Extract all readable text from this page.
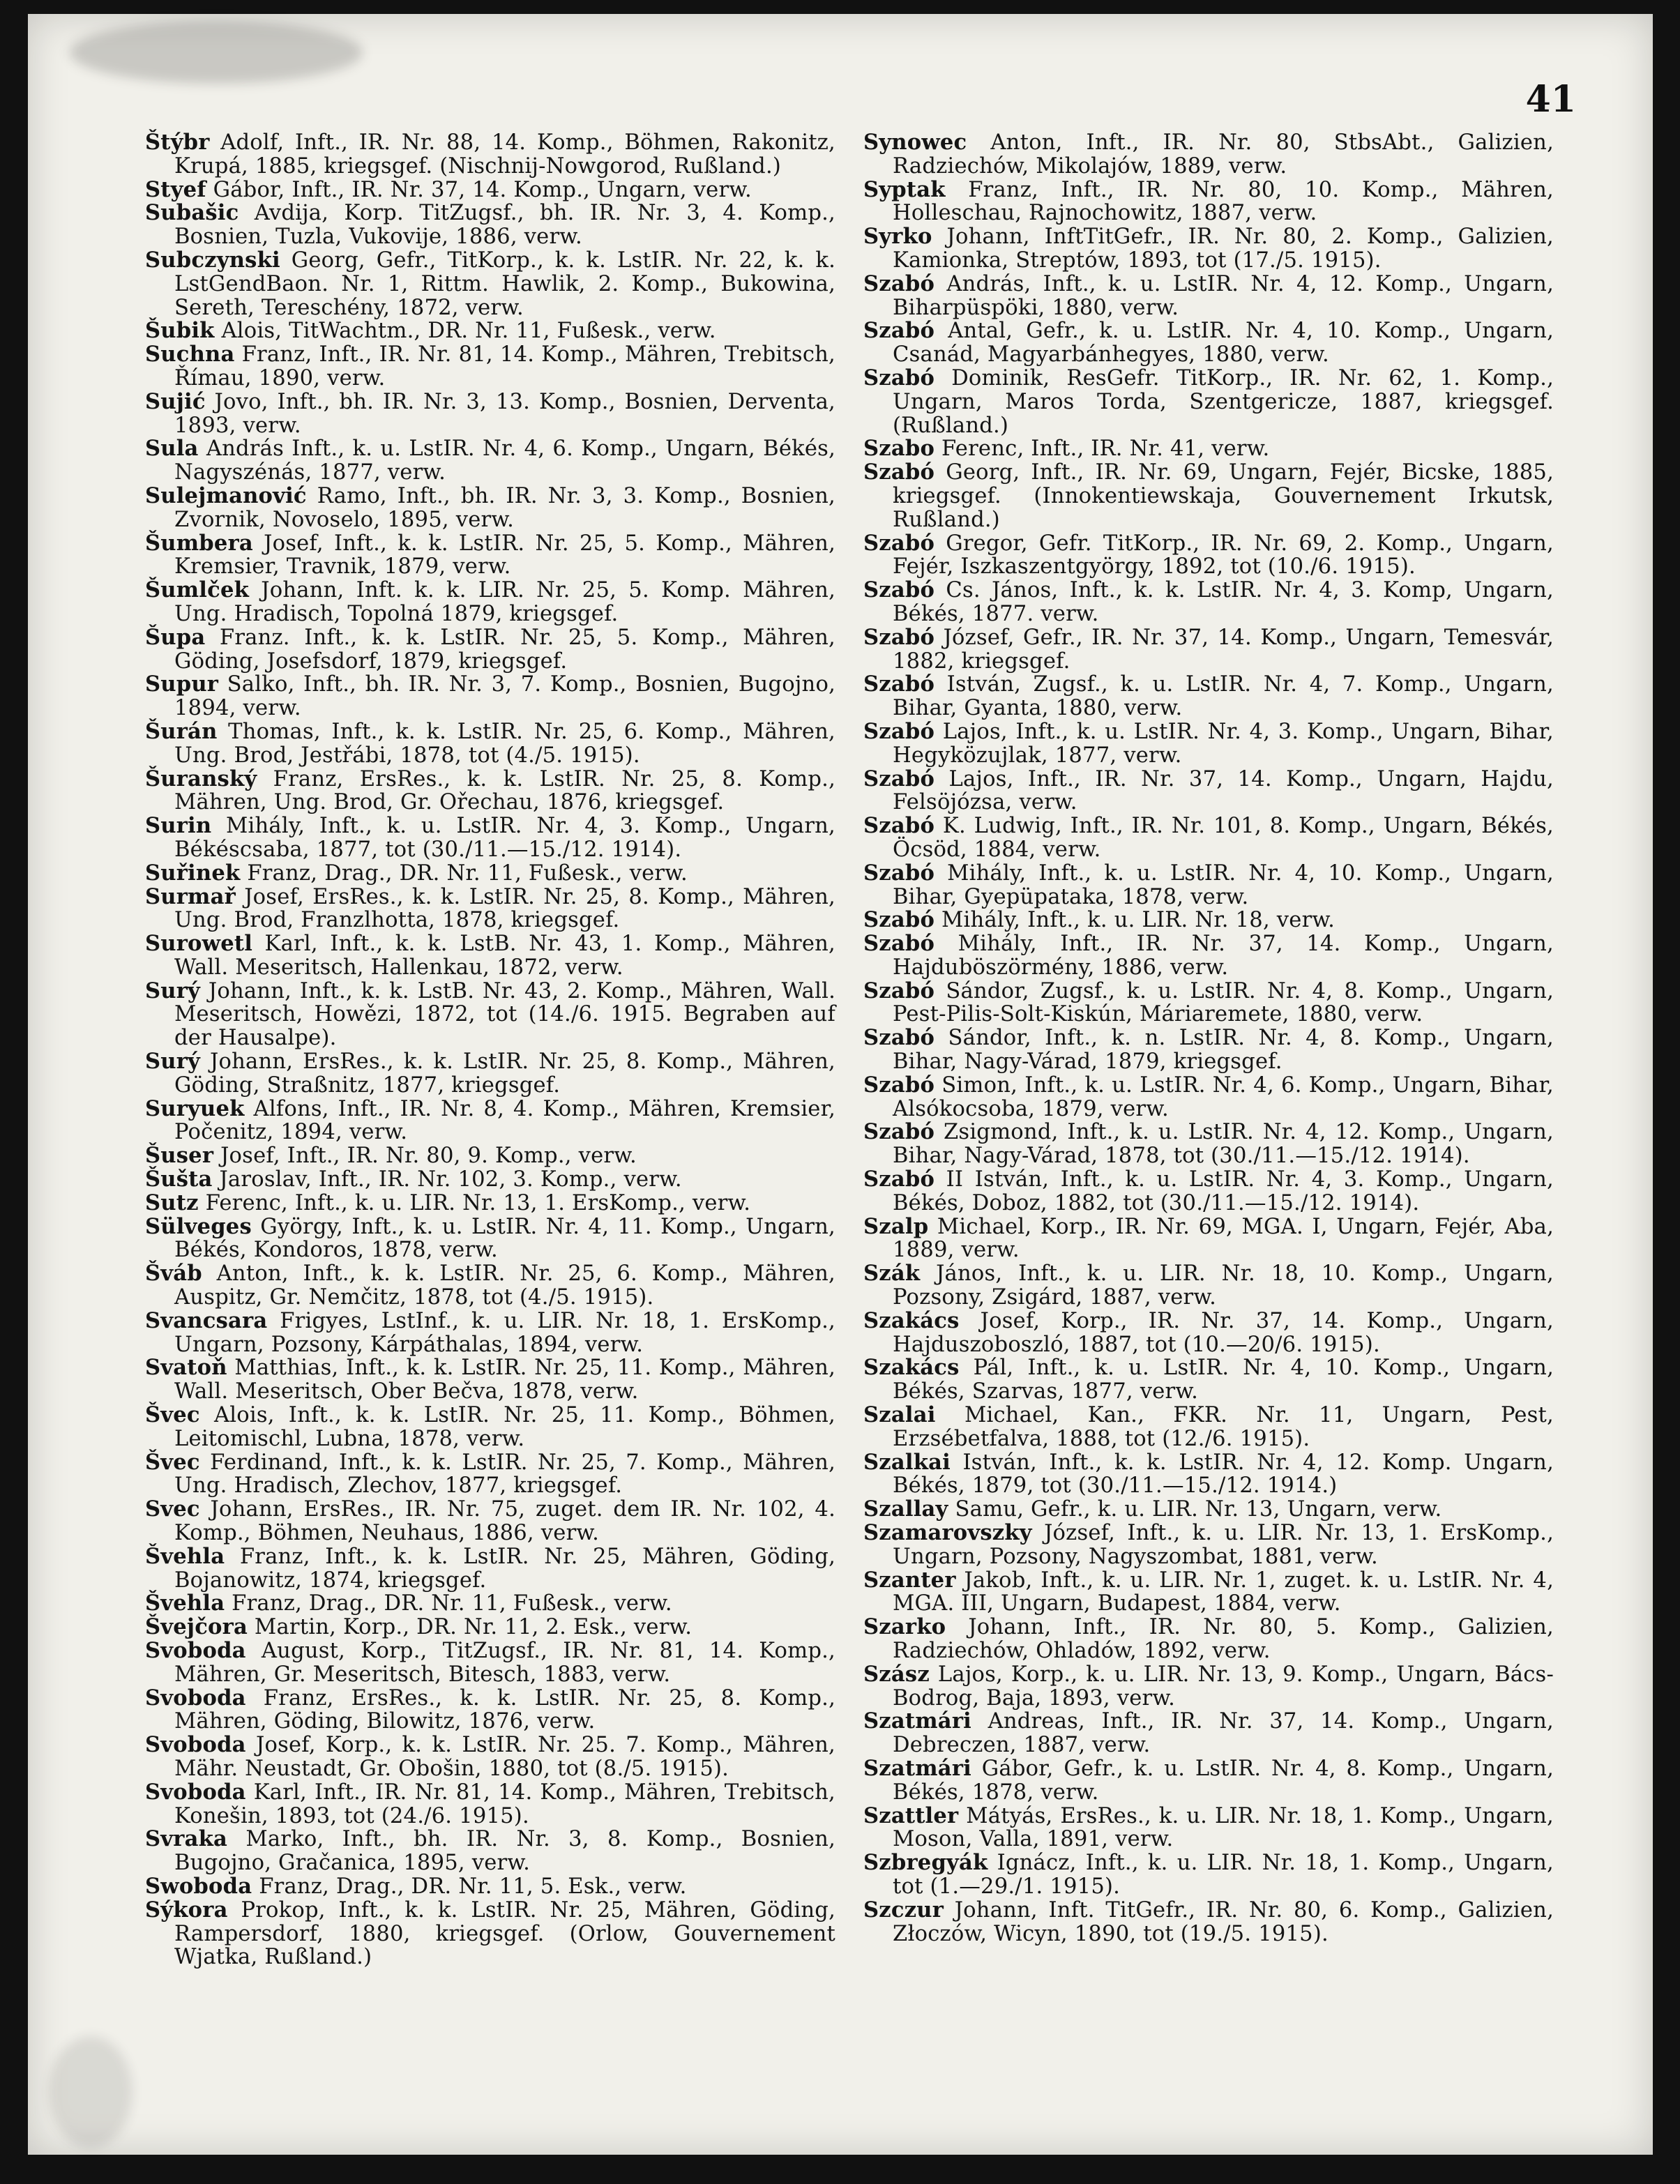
41
Štýbr Adolf, Inft., IR. Nr. 88, 14. Komp., Böhmen, Rakonitz, Krupá, 1885, kriegsgef. (Nischnij-Nowgorod, Rußland.)
Styef Gábor, Inft., IR. Nr. 37, 14. Komp., Ungarn, verw.
Subašic Avdija, Korp. TitZugsf., bh. IR. Nr. 3, 4. Komp., Bosnien, Tuzla, Vukovije, 1886, verw.
Subczynski Georg, Gefr., TitKorp., k. k. LstIR. Nr. 22, k. k. LstGendBaon. Nr. 1, Rittm. Hawlik, 2. Komp., Bukowina, Sereth, Tereschény, 1872, verw.
Šubik Alois, TitWachtm., DR. Nr. 11, Fußesk., verw.
Suchna Franz, Inft., IR. Nr. 81, 14. Komp., Mähren, Trebitsch, Římau, 1890, verw.
Sujić Jovo, Inft., bh. IR. Nr. 3, 13. Komp., Bosnien, Derventa, 1893, verw.
Sula András Inft., k. u. LstIR. Nr. 4, 6. Komp., Ungarn, Békés, Nagyszénás, 1877, verw.
Sulejmanović Ramo, Inft., bh. IR. Nr. 3, 3. Komp., Bosnien, Zvornik, Novoselo, 1895, verw.
Šumbera Josef, Inft., k. k. LstIR. Nr. 25, 5. Komp., Mähren, Kremsier, Travnik, 1879, verw.
Šumlček Johann, Inft. k. k. LIR. Nr. 25, 5. Komp. Mähren, Ung. Hradisch, Topolná 1879, kriegsgef.
Šupa Franz. Inft., k. k. LstIR. Nr. 25, 5. Komp., Mähren, Göding, Josefsdorf, 1879, kriegsgef.
Supur Salko, Inft., bh. IR. Nr. 3, 7. Komp., Bosnien, Bugojno, 1894, verw.
Šurán Thomas, Inft., k. k. LstIR. Nr. 25, 6. Komp., Mähren, Ung. Brod, Jestřábi, 1878, tot (4./5. 1915).
Šuranský Franz, ErsRes., k. k. LstIR. Nr. 25, 8. Komp., Mähren, Ung. Brod, Gr. Ořechau, 1876, kriegsgef.
Surin Mihály, Inft., k. u. LstIR. Nr. 4, 3. Komp., Ungarn, Békéscsaba, 1877, tot (30./11.—15./12. 1914).
Suřinek Franz, Drag., DR. Nr. 11, Fußesk., verw.
Surmař Josef, ErsRes., k. k. LstIR. Nr. 25, 8. Komp., Mähren, Ung. Brod, Franzlhotta, 1878, kriegsgef.
Surowetl Karl, Inft., k. k. LstB. Nr. 43, 1. Komp., Mähren, Wall. Meseritsch, Hallenkau, 1872, verw.
Surý Johann, Inft., k. k. LstB. Nr. 43, 2. Komp., Mähren, Wall. Meseritsch, Howězi, 1872, tot (14./6. 1915. Begraben auf der Hausalpe).
Surý Johann, ErsRes., k. k. LstIR. Nr. 25, 8. Komp., Mähren, Göding, Straßnitz, 1877, kriegsgef.
Suryuek Alfons, Inft., IR. Nr. 8, 4. Komp., Mähren, Kremsier, Počenitz, 1894, verw.
Šuser Josef, Inft., IR. Nr. 80, 9. Komp., verw.
Šušta Jaroslav, Inft., IR. Nr. 102, 3. Komp., verw.
Sutz Ferenc, Inft., k. u. LIR. Nr. 13, 1. ErsKomp., verw.
Sülveges György, Inft., k. u. LstIR. Nr. 4, 11. Komp., Ungarn, Békés, Kondoros, 1878, verw.
Šváb Anton, Inft., k. k. LstIR. Nr. 25, 6. Komp., Mähren, Auspitz, Gr. Nemčitz, 1878, tot (4./5. 1915).
Svancsara Frigyes, LstInf., k. u. LIR. Nr. 18, 1. ErsKomp., Ungarn, Pozsony, Kárpáthalas, 1894, verw.
Svatoň Matthias, Inft., k. k. LstIR. Nr. 25, 11. Komp., Mähren, Wall. Meseritsch, Ober Bečva, 1878, verw.
Švec Alois, Inft., k. k. LstIR. Nr. 25, 11. Komp., Böhmen, Leitomischl, Lubna, 1878, verw.
Švec Ferdinand, Inft., k. k. LstIR. Nr. 25, 7. Komp., Mähren, Ung. Hradisch, Zlechov, 1877, kriegsgef.
Svec Johann, ErsRes., IR. Nr. 75, zuget. dem IR. Nr. 102, 4. Komp., Böhmen, Neuhaus, 1886, verw.
Švehla Franz, Inft., k. k. LstIR. Nr. 25, Mähren, Göding, Bojanowitz, 1874, kriegsgef.
Švehla Franz, Drag., DR. Nr. 11, Fußesk., verw.
Švejčora Martin, Korp., DR. Nr. 11, 2. Esk., verw.
Svoboda August, Korp., TitZugsf., IR. Nr. 81, 14. Komp., Mähren, Gr. Meseritsch, Bitesch, 1883, verw.
Svoboda Franz, ErsRes., k. k. LstIR. Nr. 25, 8. Komp., Mähren, Göding, Bilowitz, 1876, verw.
Svoboda Josef, Korp., k. k. LstIR. Nr. 25. 7. Komp., Mähren, Mähr. Neustadt, Gr. Obošin, 1880, tot (8./5. 1915).
Svoboda Karl, Inft., IR. Nr. 81, 14. Komp., Mähren, Trebitsch, Konešin, 1893, tot (24./6. 1915).
Svraka Marko, Inft., bh. IR. Nr. 3, 8. Komp., Bosnien, Bugojno, Gračanica, 1895, verw.
Swoboda Franz, Drag., DR. Nr. 11, 5. Esk., verw.
Sýkora Prokop, Inft., k. k. LstIR. Nr. 25, Mähren, Göding, Rampersdorf, 1880, kriegsgef. (Orlow, Gouvernement Wjatka, Rußland.)
Synowec Anton, Inft., IR. Nr. 80, StbsAbt., Galizien, Radziechów, Mikolajów, 1889, verw.
Syptak Franz, Inft., IR. Nr. 80, 10. Komp., Mähren, Holleschau, Rajnochowitz, 1887, verw.
Syrko Johann, InftTitGefr., IR. Nr. 80, 2. Komp., Galizien, Kamionka, Streptów, 1893, tot (17./5. 1915).
Szabó András, Inft., k. u. LstIR. Nr. 4, 12. Komp., Ungarn, Biharpüspöki, 1880, verw.
Szabó Antal, Gefr., k. u. LstIR. Nr. 4, 10. Komp., Ungarn, Csanád, Magyarbánhegyes, 1880, verw.
Szabó Dominik, ResGefr. TitKorp., IR. Nr. 62, 1. Komp., Ungarn, Maros Torda, Szentgericze, 1887, kriegsgef. (Rußland.)
Szabo Ferenc, Inft., IR. Nr. 41, verw.
Szabó Georg, Inft., IR. Nr. 69, Ungarn, Fejér, Bicske, 1885, kriegsgef. (Innokentiewskaja, Gouvernement Irkutsk, Rußland.)
Szabó Gregor, Gefr. TitKorp., IR. Nr. 69, 2. Komp., Ungarn, Fejér, Iszkaszentgyörgy, 1892, tot (10./6. 1915).
Szabó Cs. János, Inft., k. k. LstIR. Nr. 4, 3. Komp, Ungarn, Békés, 1877. verw.
Szabó József, Gefr., IR. Nr. 37, 14. Komp., Ungarn, Temesvár, 1882, kriegsgef.
Szabó István, Zugsf., k. u. LstIR. Nr. 4, 7. Komp., Ungarn, Bihar, Gyanta, 1880, verw.
Szabó Lajos, Inft., k. u. LstIR. Nr. 4, 3. Komp., Ungarn, Bihar, Hegyközujlak, 1877, verw.
Szabó Lajos, Inft., IR. Nr. 37, 14. Komp., Ungarn, Hajdu, Felsöjózsa, verw.
Szabó K. Ludwig, Inft., IR. Nr. 101, 8. Komp., Ungarn, Békés, Öcsöd, 1884, verw.
Szabó Mihály, Inft., k. u. LstIR. Nr. 4, 10. Komp., Ungarn, Bihar, Gyepüpataka, 1878, verw.
Szabó Mihály, Inft., k. u. LIR. Nr. 18, verw.
Szabó Mihály, Inft., IR. Nr. 37, 14. Komp., Ungarn, Hajduböszörmény, 1886, verw.
Szabó Sándor, Zugsf., k. u. LstIR. Nr. 4, 8. Komp., Ungarn, Pest-Pilis-Solt-Kiskún, Máriaremete, 1880, verw.
Szabó Sándor, Inft., k. n. LstIR. Nr. 4, 8. Komp., Ungarn, Bihar, Nagy-Várad, 1879, kriegsgef.
Szabó Simon, Inft., k. u. LstIR. Nr. 4, 6. Komp., Ungarn, Bihar, Alsókocsoba, 1879, verw.
Szabó Zsigmond, Inft., k. u. LstIR. Nr. 4, 12. Komp., Ungarn, Bihar, Nagy-Várad, 1878, tot (30./11.—15./12. 1914).
Szabó II István, Inft., k. u. LstIR. Nr. 4, 3. Komp., Ungarn, Békés, Doboz, 1882, tot (30./11.—15./12. 1914).
Szalp Michael, Korp., IR. Nr. 69, MGA. I, Ungarn, Fejér, Aba, 1889, verw.
Szák János, Inft., k. u. LIR. Nr. 18, 10. Komp., Ungarn, Pozsony, Zsigárd, 1887, verw.
Szakács Josef, Korp., IR. Nr. 37, 14. Komp., Ungarn, Hajduszoboszló, 1887, tot (10.—20/6. 1915).
Szakács Pál, Inft., k. u. LstIR. Nr. 4, 10. Komp., Ungarn, Békés, Szarvas, 1877, verw.
Szalai Michael, Kan., FKR. Nr. 11, Ungarn, Pest, Erzsébetfalva, 1888, tot (12./6. 1915).
Szalkai István, Inft., k. k. LstIR. Nr. 4, 12. Komp. Ungarn, Békés, 1879, tot (30./11.—15./12. 1914.)
Szallay Samu, Gefr., k. u. LIR. Nr. 13, Ungarn, verw.
Szamarovszky József, Inft., k. u. LIR. Nr. 13, 1. ErsKomp., Ungarn, Pozsony, Nagyszombat, 1881, verw.
Szanter Jakob, Inft., k. u. LIR. Nr. 1, zuget. k. u. LstIR. Nr. 4, MGA. III, Ungarn, Budapest, 1884, verw.
Szarko Johann, Inft., IR. Nr. 80, 5. Komp., Galizien, Radziechów, Ohladów, 1892, verw.
Szász Lajos, Korp., k. u. LIR. Nr. 13, 9. Komp., Ungarn, Bács-Bodrog, Baja, 1893, verw.
Szatmári Andreas, Inft., IR. Nr. 37, 14. Komp., Ungarn, Debreczen, 1887, verw.
Szatmári Gábor, Gefr., k. u. LstIR. Nr. 4, 8. Komp., Ungarn, Békés, 1878, verw.
Szattler Mátyás, ErsRes., k. u. LIR. Nr. 18, 1. Komp., Ungarn, Moson, Valla, 1891, verw.
Szbregyák Ignácz, Inft., k. u. LIR. Nr. 18, 1. Komp., Ungarn, tot (1.—29./1. 1915).
Szczur Johann, Inft. TitGefr., IR. Nr. 80, 6. Komp., Galizien, Złoczów, Wicyn, 1890, tot (19./5. 1915).
